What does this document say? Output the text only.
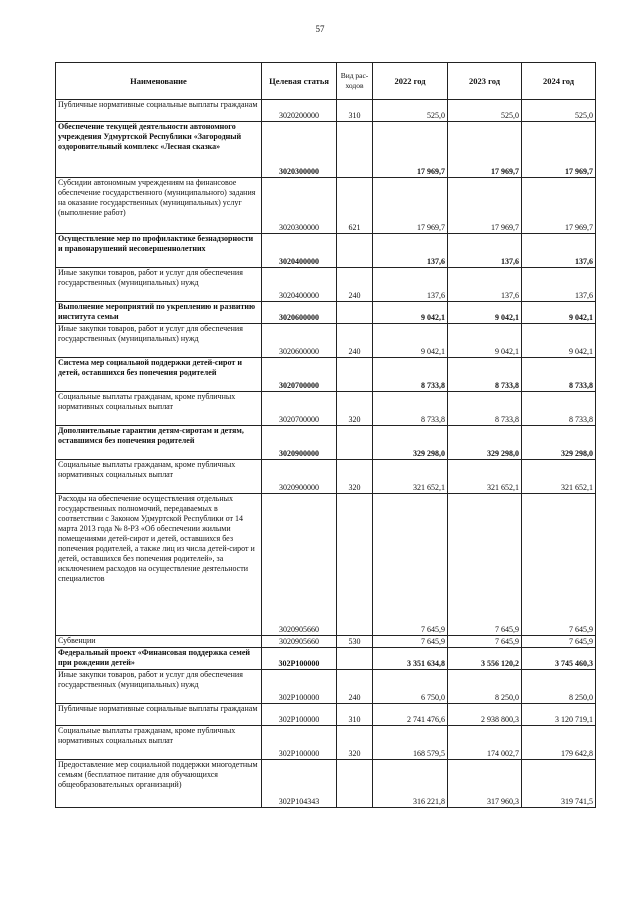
57
Наименование	Целевая статья	Вид рас-ходов	2022 год	2023 год	2024 год
Публичные нормативные социальные выплаты гражданам	3020200000	310	525,0	525,0	525,0
Обеспечение текущей деятельности автономного учреждения Удмуртской Республики «Загородный оздоровительный комплекс «Лесная сказка»	3020300000		17 969,7	17 969,7	17 969,7
Субсидии автономным учреждениям на финансовое обеспечение государственного (муниципального) задания на оказание государственных (муниципальных) услуг (выполнение работ)	3020300000	621	17 969,7	17 969,7	17 969,7
Осуществление мер по профилактике безнадзорности и правонарушений несовершеннолетних	3020400000		137,6	137,6	137,6
Иные закупки товаров, работ и услуг для обеспечения государственных (муниципальных) нужд	3020400000	240	137,6	137,6	137,6
Выполнение мероприятий по укреплению и развитию института семьи	3020600000		9 042,1	9 042,1	9 042,1
Иные закупки товаров, работ и услуг для обеспечения государственных (муниципальных) нужд	3020600000	240	9 042,1	9 042,1	9 042,1
Система мер социальной поддержки детей-сирот и детей, оставшихся без попечения родителей	3020700000		8 733,8	8 733,8	8 733,8
Социальные выплаты гражданам, кроме публичных нормативных социальных выплат	3020700000	320	8 733,8	8 733,8	8 733,8
Дополнительные гарантии детям-сиротам и детям, оставшимся без попечения родителей	3020900000		329 298,0	329 298,0	329 298,0
Социальные выплаты гражданам, кроме публичных нормативных социальных выплат	3020900000	320	321 652,1	321 652,1	321 652,1
Расходы на обеспечение осуществления отдельных государственных полномочий, передаваемых в соответствии с Законом Удмуртской Республики от 14 марта 2013 года № 8-РЗ «Об обеспечении жилыми помещениями детей-сирот и детей, оставшихся без попечения родителей, а также лиц из числа детей-сирот и детей, оставшихся без попечения родителей», за исключением расходов на осуществление деятельности специалистов	3020905660		7 645,9	7 645,9	7 645,9
Субвенции	3020905660	530	7 645,9	7 645,9	7 645,9
Федеральный проект «Финансовая поддержка семей при рождении детей»	302P100000		3 351 634,8	3 556 120,2	3 745 460,3
Иные закупки товаров, работ и услуг для обеспечения государственных (муниципальных) нужд	302P100000	240	6 750,0	8 250,0	8 250,0
Публичные нормативные социальные выплаты гражданам	302P100000	310	2 741 476,6	2 938 800,3	3 120 719,1
Социальные выплаты гражданам, кроме публичных нормативных социальных выплат	302P100000	320	168 579,5	174 002,7	179 642,8
Предоставление мер социальной поддержки многодетным семьям (бесплатное питание для обучающихся общеобразовательных организаций)	302P104343		316 221,8	317 960,3	319 741,5
